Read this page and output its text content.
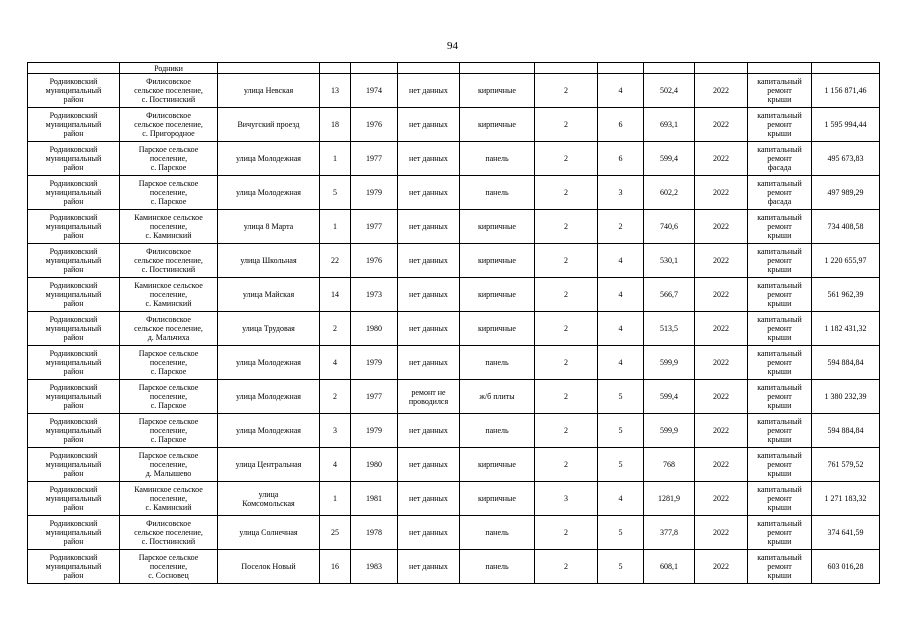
94
	Родники											
Родниковский
муниципальный
район	Филисовское
сельское поселение,
с. Постнинский	улица Невская	13	1974	нет данных	кирпичные	2	4	502,4	2022	капитальный
ремонт
крыши	1 156 871,46
Родниковский
муниципальный
район	Филисовское
сельское поселение,
с. Пригородное	Вичугский проезд	18	1976	нет данных	кирпичные	2	6	693,1	2022	капитальный
ремонт
крыши	1 595 994,44
Родниковский
муниципальный
район	Парское сельское
поселение,
с. Парское	улица Молодежная	1	1977	нет данных	панель	2	6	599,4	2022	капитальный
ремонт
фасада	495 673,83
Родниковский
муниципальный
район	Парское сельское
поселение,
с. Парское	улица Молодежная	5	1979	нет данных	панель	2	3	602,2	2022	капитальный
ремонт
фасада	497 989,29
Родниковский
муниципальный
район	Каминское сельское
поселение,
с. Каминский	улица 8 Марта	1	1977	нет данных	кирпичные	2	2	740,6	2022	капитальный
ремонт
крыши	734 408,58
Родниковский
муниципальный
район	Филисовское
сельское поселение,
с. Постнинский	улица Школьная	22	1976	нет данных	кирпичные	2	4	530,1	2022	капитальный
ремонт
крыши	1 220 655,97
Родниковский
муниципальный
район	Каминское сельское
поселение,
с. Каминский	улица Майская	14	1973	нет данных	кирпичные	2	4	566,7	2022	капитальный
ремонт
крыши	561 962,39
Родниковский
муниципальный
район	Филисовское
сельское поселение,
д. Мальчиха	улица Трудовая	2	1980	нет данных	кирпичные	2	4	513,5	2022	капитальный
ремонт
крыши	1 182 431,32
Родниковский
муниципальный
район	Парское сельское
поселение,
с. Парское	улица Молодежная	4	1979	нет данных	панель	2	4	599,9	2022	капитальный
ремонт
крыши	594 884,84
Родниковский
муниципальный
район	Парское сельское
поселение,
с. Парское	улица Молодежная	2	1977	ремонт не
проводился	ж/б плиты	2	5	599,4	2022	капитальный
ремонт
крыши	1 380 232,39
Родниковский
муниципальный
район	Парское сельское
поселение,
с. Парское	улица Молодежная	3	1979	нет данных	панель	2	5	599,9	2022	капитальный
ремонт
крыши	594 884,84
Родниковский
муниципальный
район	Парское сельское
поселение,
д. Малышево	улица Центральная	4	1980	нет данных	кирпичные	2	5	768	2022	капитальный
ремонт
крыши	761 579,52
Родниковский
муниципальный
район	Каминское сельское
поселение,
с. Каминский	улица
Комсомольская	1	1981	нет данных	кирпичные	3	4	1281,9	2022	капитальный
ремонт
крыши	1 271 183,32
Родниковский
муниципальный
район	Филисовское
сельское поселение,
с. Постнинский	улица Солнечная	25	1978	нет данных	панель	2	5	377,8	2022	капитальный
ремонт
крыши	374 641,59
Родниковский
муниципальный
район	Парское сельское
поселение,
с. Сосновец	Поселок Новый	16	1983	нет данных	панель	2	5	608,1	2022	капитальный
ремонт
крыши	603 016,28
